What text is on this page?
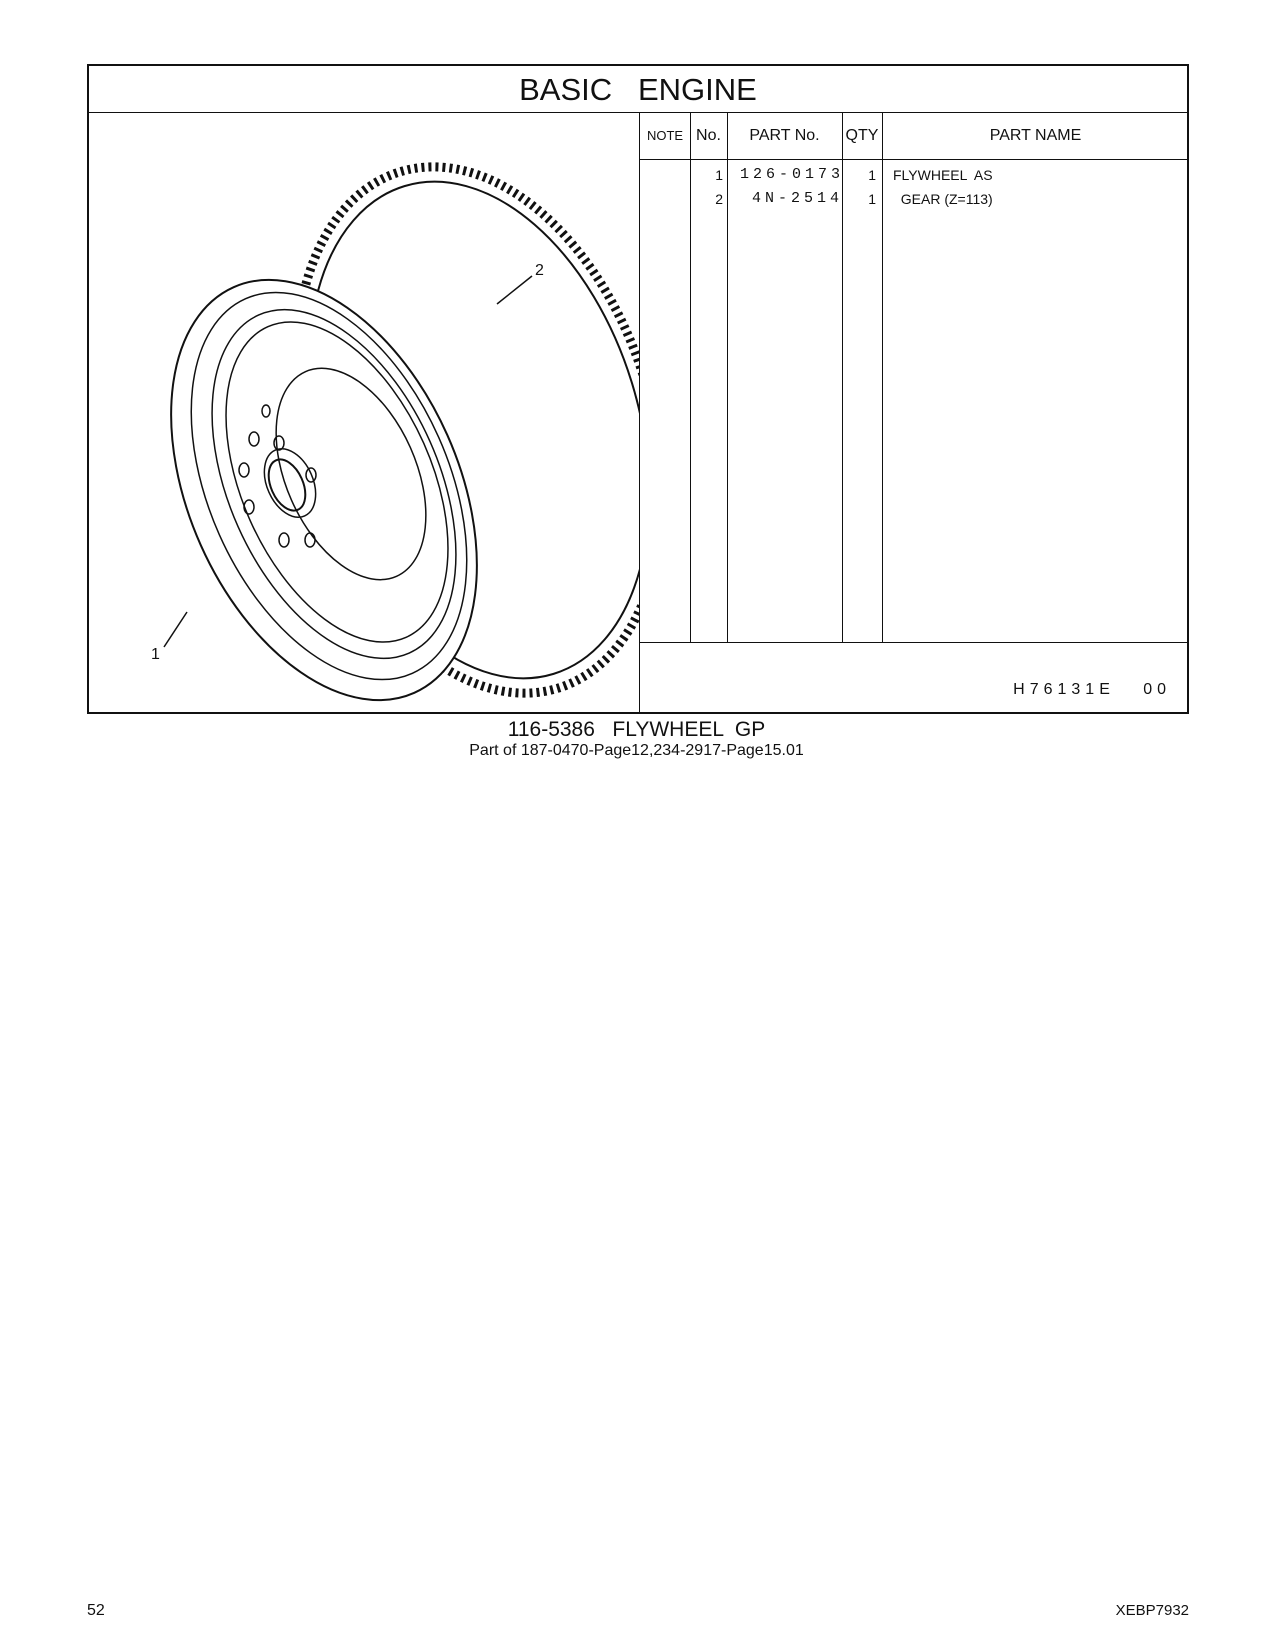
BASIC   ENGINE
2
1
NOTE No.	PART No.	QTY	PART NAME
1 126-0173	1 FLYWHEEL  AS
2 4N-2514	1 GEAR (Z=113)
H76131E   00
116-5386   FLYWHEEL  GP
Part of 187-0470-Page12,234-2917-Page15.01
52	XEBP7932
